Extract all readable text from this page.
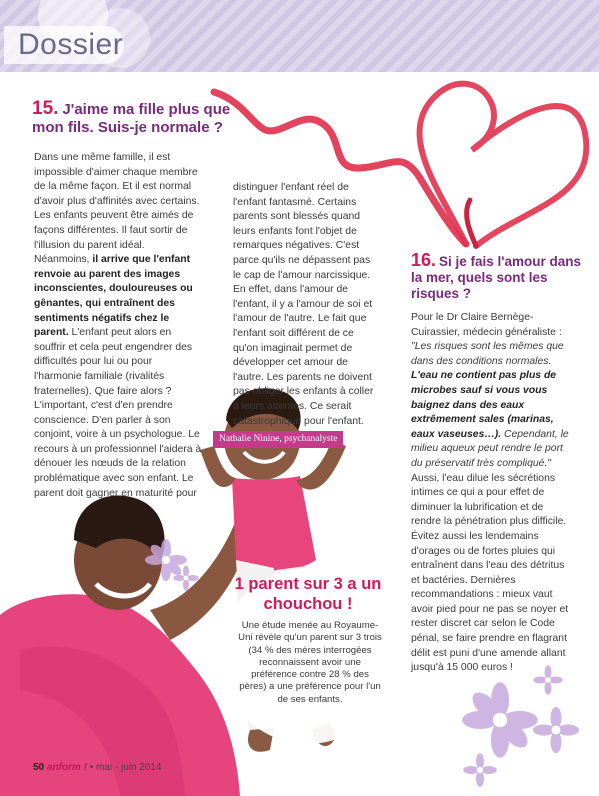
Dossier
15. J'aime ma fille plus que mon fils. Suis-je normale ?
Dans une même famille, il est impossible d'aimer chaque membre de la même façon. Et il est normal d'avoir plus d'affinités avec certains. Les enfants peuvent être aimés de façons différentes. Il faut sortir de l'illusion du parent idéal. Néanmoins, il arrive que l'enfant renvoie au parent des images inconscientes, douloureuses ou gênantes, qui entraînent des sentiments négatifs chez le parent. L'enfant peut alors en souffrir et cela peut engendrer des difficultés pour lui ou pour l'harmonie familiale (rivalités fraternelles). Que faire alors ? L'important, c'est d'en prendre conscience. D'en parler à son conjoint, voire à un psychologue. Le recours à un professionnel l'aidera à dénouer les nœuds de la relation problématique avec son enfant. Le parent doit gagner en maturité pour
distinguer l'enfant réel de l'enfant fantasmé. Certains parents sont blessés quand leurs enfants font l'objet de remarques négatives. C'est parce qu'ils ne dépassent pas le cap de l'amour narcissique. En effet, dans l'amour de l'enfant, il y a l'amour de soi et l'amour de l'autre. Le fait que l'enfant soit différent de ce qu'on imaginait permet de développer cet amour de l'autre. Les parents ne doivent pas obliger les enfants à coller à leurs attentes. Ce serait catastrophique pour l'enfant.
Nathalie Ninine, psychanalyste
16. Si je fais l'amour dans la mer, quels sont les risques ?
Pour le Dr Claire Bernège-Cuirassier, médecin généraliste : "Les risques sont les mêmes que dans des conditions normales. L'eau ne contient pas plus de microbes sauf si vous vous baignez dans des eaux extrêmement sales (marinas, eaux vaseuses…). Cependant, le milieu aqueux peut rendre le port du préservatif très compliqué." Aussi, l'eau dilue les sécrétions intimes ce qui a pour effet de diminuer la lubrification et de rendre la pénétration plus difficile. Évitez aussi les lendemains d'orages ou de fortes pluies qui entraînent dans l'eau des détritus et bactéries. Dernières recommandations : mieux vaut avoir pied pour ne pas se noyer et rester discret car selon le Code pénal, se faire prendre en flagrant délit est puni d'une amende allant jusqu'à 15 000 euros !
1 parent sur 3 a un chouchou !
Une étude menée au Royaume-Uni révèle qu'un parent sur 3 trois (34 % des mères interrogées reconnaissent avoir une préférence contre 28 % des pères) a une préférence pour l'un de ses enfants.
50 anform ! • mai - juin 2014
